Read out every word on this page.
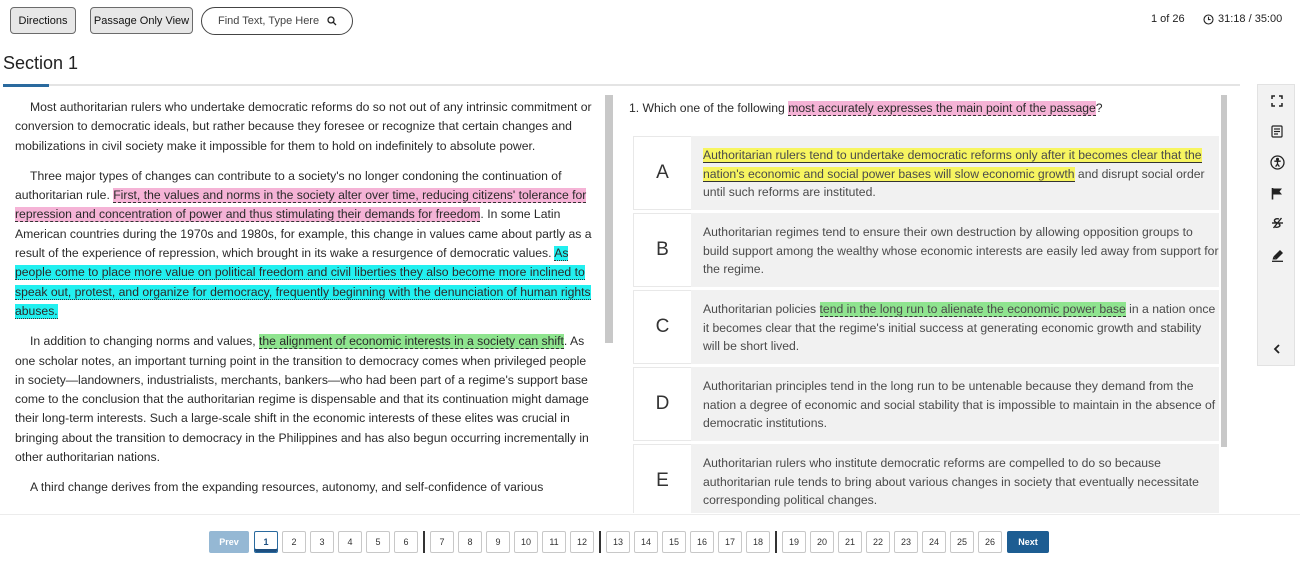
Directions	Passage Only View	Find Text, Type Here	1 of 26	31:18 / 35:00
Section 1

Most authoritarian rulers who undertake democratic reforms do so not out of any intrinsic commitment or conversion to democratic ideals, but rather because they foresee or recognize that certain changes and mobilizations in civil society make it impossible for them to hold on indefinitely to absolute power.

Three major types of changes can contribute to a society's no longer condoning the continuation of authoritarian rule. First, the values and norms in the society alter over time, reducing citizens' tolerance for repression and concentration of power and thus stimulating their demands for freedom. In some Latin American countries during the 1970s and 1980s, for example, this change in values came about partly as a result of the experience of repression, which brought in its wake a resurgence of democratic values. As people come to place more value on political freedom and civil liberties they also become more inclined to speak out, protest, and organize for democracy, frequently beginning with the denunciation of human rights abuses.

In addition to changing norms and values, the alignment of economic interests in a society can shift. As one scholar notes, an important turning point in the transition to democracy comes when privileged people in society—landowners, industrialists, merchants, bankers—who had been part of a regime's support base come to the conclusion that the authoritarian regime is dispensable and that its continuation might damage their long-term interests. Such a large-scale shift in the economic interests of these elites was crucial in bringing about the transition to democracy in the Philippines and has also begun occurring incrementally in other authoritarian nations.

A third change derives from the expanding resources, autonomy, and self-confidence of various

1. Which one of the following most accurately expresses the main point of the passage?
A
Authoritarian rulers tend to undertake democratic reforms only after it becomes clear that the nation's economic and social power bases will slow economic growth and disrupt social order until such reforms are instituted.
B
Authoritarian regimes tend to ensure their own destruction by allowing opposition groups to build support among the wealthy whose economic interests are easily led away from support for the regime.
C
Authoritarian policies tend in the long run to alienate the economic power base in a nation once it becomes clear that the regime's initial success at generating economic growth and stability will be short lived.
D
Authoritarian principles tend in the long run to be untenable because they demand from the nation a degree of economic and social stability that is impossible to maintain in the absence of democratic institutions.
E
Authoritarian rulers who institute democratic reforms are compelled to do so because authoritarian rule tends to bring about various changes in society that eventually necessitate corresponding political changes.
Prev	1	2	3	4	5	6	7	8	9	10	11	12	13	14	15	16	17	18	19	20	21	22	23	24	25	26	Next
